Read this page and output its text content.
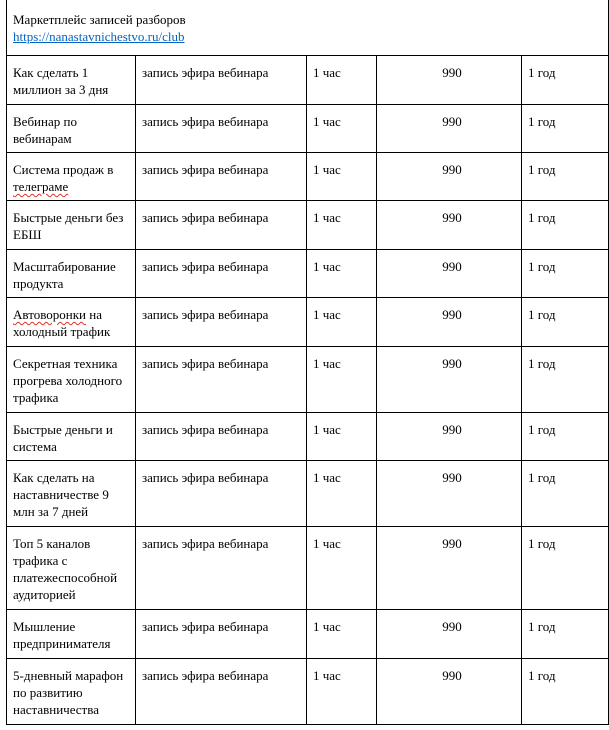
Маркетплейс записей разборов
https://nanastavnichestvo.ru/club				

Как сделать 1 миллион за 3 дня	запись эфира вебинара	1 час	990	1 год
Вебинар по вебинарам	запись эфира вебинара	1 час	990	1 год
Система продаж в телеграме	запись эфира вебинара	1 час	990	1 год
Быстрые деньги без ЕБШ	запись эфира вебинара	1 час	990	1 год
Масштабирование продукта	запись эфира вебинара	1 час	990	1 год
Автоворонки на холодный трафик	запись эфира вебинара	1 час	990	1 год
Секретная техника прогрева холодного трафика	запись эфира вебинара	1 час	990	1 год
Быстрые деньги и система	запись эфира вебинара	1 час	990	1 год
Как сделать на наставничестве 9 млн за 7 дней	запись эфира вебинара	1 час	990	1 год
Топ 5 каналов трафика с платежеспособной аудиторией	запись эфира вебинара	1 час	990	1 год
Мышление предпринимателя	запись эфира вебинара	1 час	990	1 год
5-дневный марафон по развитию наставничества	запись эфира вебинара	1 час	990	1 год
